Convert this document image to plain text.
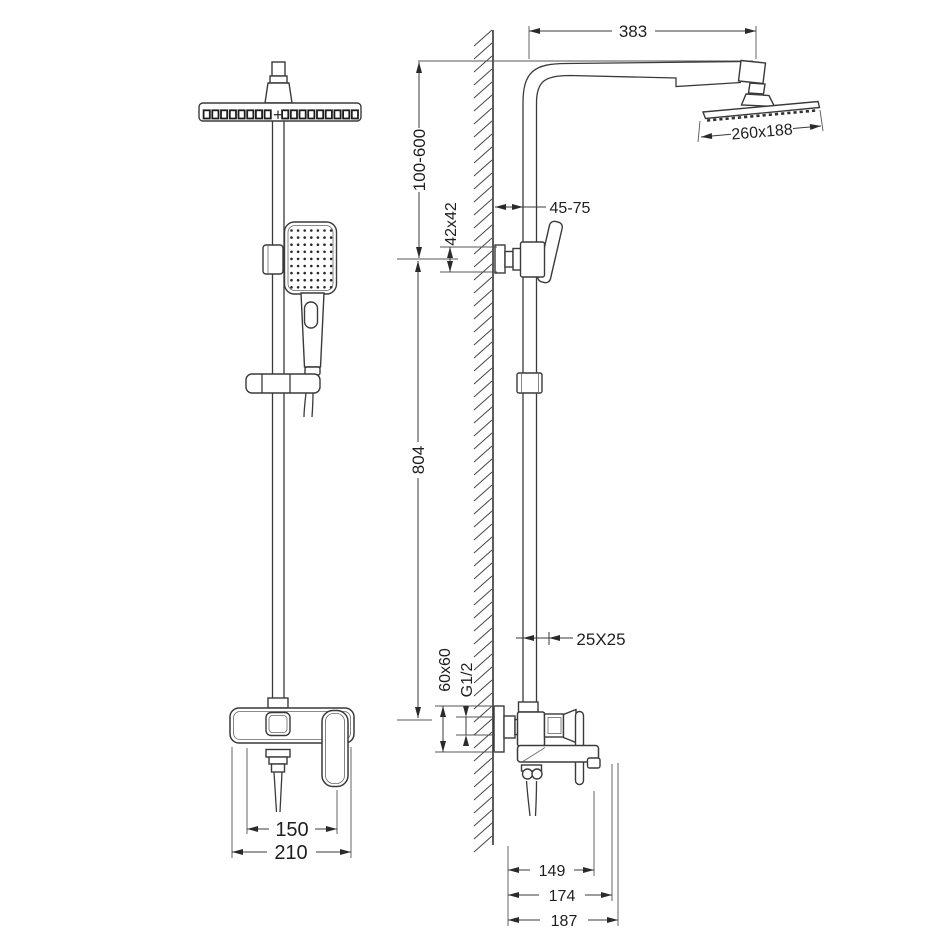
150
210
383
100-600
42x42	45-75
260x188
804
25X25
60x60 G1/2
149
174
187
